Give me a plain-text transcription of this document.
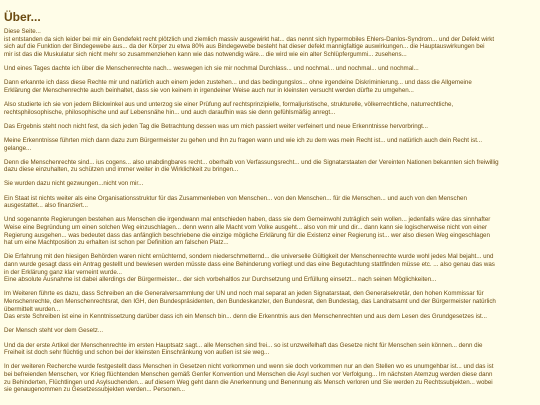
Über...

Diese Seite...
ist entstanden da sich leider bei mir ein Gendefekt recht plötzlich und ziemlich massiv ausgewirkt hat... das nennt sich hypermobiles Ehlers-Danlos-Syndrom... und der Defekt wirkt
sich auf die Funktion der Bindegewebe aus... da der Körper zu etwa 80% aus Bindegewebe besteht hat dieser defekt mannigfaltige auswirkungen... die Hauptauswirkungen bei
mir ist das die Muskulatur sich nicht mehr so zusammenziehen kann wie das notwendig wäre... die wird wie ein alter Schlüpfergummi... zusehens...

Und eines Tages dachte ich über die Menschenrechte nach... weswegen ich sie mir nochmal Durchlass... und nochmal... und nochmal... und nochmal...

Dann erkannte ich dass diese Rechte mir und natürlich auch einem jeden zustehen... und das bedingungslos... ohne irgendeine Diskriminierung... und dass die Allgemeine
Erklärung der Menschenrechte auch beinhaltet, dass sie von keinem in irgendeiner Weise auch nur in kleinsten versucht werden dürfte zu umgehen...

Also studierte ich sie von jedem Blickwinkel aus und unterzog sie einer Prüfung auf rechtsprinzipielle, formaljuristische, strukturelle, völkerrechtliche, naturrechtliche,
rechtsphilosophische, philosophische und auf Lebensnähe hin... und auch daraufhin was sie denn gefühlsmäßig anregt...

Das Ergebnis steht noch nicht fest, da sich jeden Tag die Betrachtung dessen was um mich passiert weiter verfeinert und neue Erkenntnisse hervorbringt...

Meine Erkenntnisse führten mich dann dazu zum Bürgermeister zu gehen und ihn zu fragen wann und wie ich zu dem was mein Recht ist... und natürlich auch dein Recht ist...
gelange...

Denn die Menschenrechte sind... ius cogens... also unabdingbares recht... oberhalb von Verfassungsrecht... und die Signatarstaaten der Vereinten Nationen bekannten sich freiwillig
dazu diese einzuhalten, zu schützen und immer weiter in die Wirklichkeit zu bringen...

Sie wurden dazu nicht gezwungen...nicht von mir...

Ein Staat ist nichts weiter als eine Organisationsstruktur für das Zusammenleben von Menschen... von den Menschen... für die Menschen... und auch von den Menschen
ausgestattet... also finanziert...

Und sogenannte Regierungen bestehen aus Menschen die irgendwann mal entschieden haben, dass sie dem Gemeinwohl zuträglich sein wollen... jedenfalls wäre das sinnhafter
Weise eine Begründung um einen solchen Weg einzuschlagen... denn wenn alle Macht vom Volke ausgeht... also von mir und dir... dann kann sie logischerweise nicht von einer
Regierung ausgehen... was bedeutet dass das anfänglich beschriebene die einzige mögliche Erklärung für die Existenz einer Regierung ist... wer also diesen Weg eingeschlagen
hat um eine Machtposition zu erhalten ist schon per Definition am falschen Platz...

Die Erfahrung mit den hiesigen Behörden waren nicht ernüchternd, sondern niederschmetternd... die universelle Gültigkeit der Menschenrechte wurde wohl jedes Mal bejaht... und
dann wurde gesagt dass ein Antrag gestellt und bewiesen werden müsste dass eine Behinderung vorliegt und das eine Begutachtung stattfinden müsse etc. ... also genau das was
in der Erklärung ganz klar verneint wurde...
Eine absolute Ausnahme ist dabei allerdings der Bürgermeister... der sich vorbehaltlos zur Durchsetzung und Erfüllung einsetzt... nach seinen Möglichkeiten...

Im Weiteren führte es dazu, dass Schreiben an die Generalversammlung der UN und noch mal separat an jeden Signatarstaat, den Generalsekretär, den hohen Kommissar für
Menschenrechte, den Menschenrechtsrat, den IGH, den Bundespräsidenten, den Bundeskanzler, den Bundesrat, den Bundestag, das Landratsamt und der Bürgermeister natürlich
übermittelt wurden...
Das erste Schreiben ist eine in Kenntnissetzung darüber dass ich ein Mensch bin... denn die Erkenntnis aus den Menschenrechten und aus dem Lesen des Grundgesetzes ist...

Der Mensch steht vor dem Gesetz...

Und da der erste Artikel der Menschenrechte im ersten Hauptsatz sagt... alle Menschen sind frei... so ist unzweifelhaft das Gesetze nicht für Menschen sein können... denn die
Freiheit ist doch sehr flüchtig und schon bei der kleinsten Einschränkung von außen ist sie weg...

In der weiteren Recherche wurde festgestellt dass Menschen in Gesetzen nicht vorkommen und wenn sie doch vorkommen nur an den Stellen wo es unumgehbar ist... und das ist
bei befreienden Menschen, vor Krieg flüchtenden Menschen gemäß Genfer Konvention und Menschen die Asyl suchen vor Verfolgung... Im nächsten Atemzug werden diese dann
zu Behinderten, Flüchtlingen und Asylsuchenden... auf diesem Weg geht dann die Anerkennung und Benennung als Mensch verloren und Sie werden zu Rechtssubjekten... wobei
sie genaugenommen zu Gesetzessubjekten werden... Personen...
